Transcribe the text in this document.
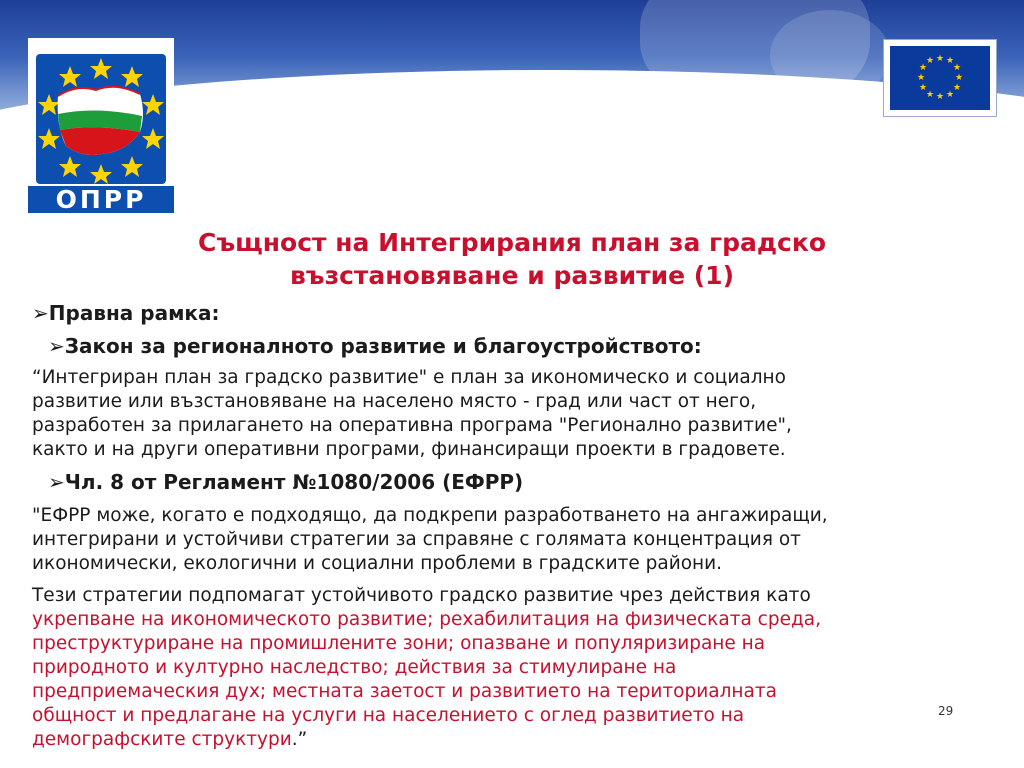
ОПРР
★ ★
★
★
★
★
★
★
★
★
★
★
Същност на Интегрирания план за градско
възстановяване и развитие (1)

➢Правна рамка:

➢Закон за регионалното развитие и благоустройството:

“Интегриран план за градско развитие" е план за икономическо и социално
развитие или възстановяване на населено място - град или част от него,
разработен за прилагането на оперативна програма "Регионално развитие",
както и на други оперативни програми, финансиращи проекти в градовете.

➢Чл. 8 от Регламент №1080/2006 (ЕФРР)

"ЕФРР може, когато е подходящо, да подкрепи разработването на ангажиращи,
интегрирани и устойчиви стратегии за справяне с голямата концентрация от
икономически, екологични и социални проблеми в градските райони.

Тези стратегии подпомагат устойчивото градско развитие чрез действия като
укрепване на икономическото развитие; рехабилитация на физическата среда,
преструктуриране на промишлените зони; опазване и популяризиране на
природното и културно наследство; действия за стимулиране на
предприемаческия дух; местната заетост и развитието на териториалната
общност и предлагане на услуги на населението с оглед развитието на
демографските структури.”

29
